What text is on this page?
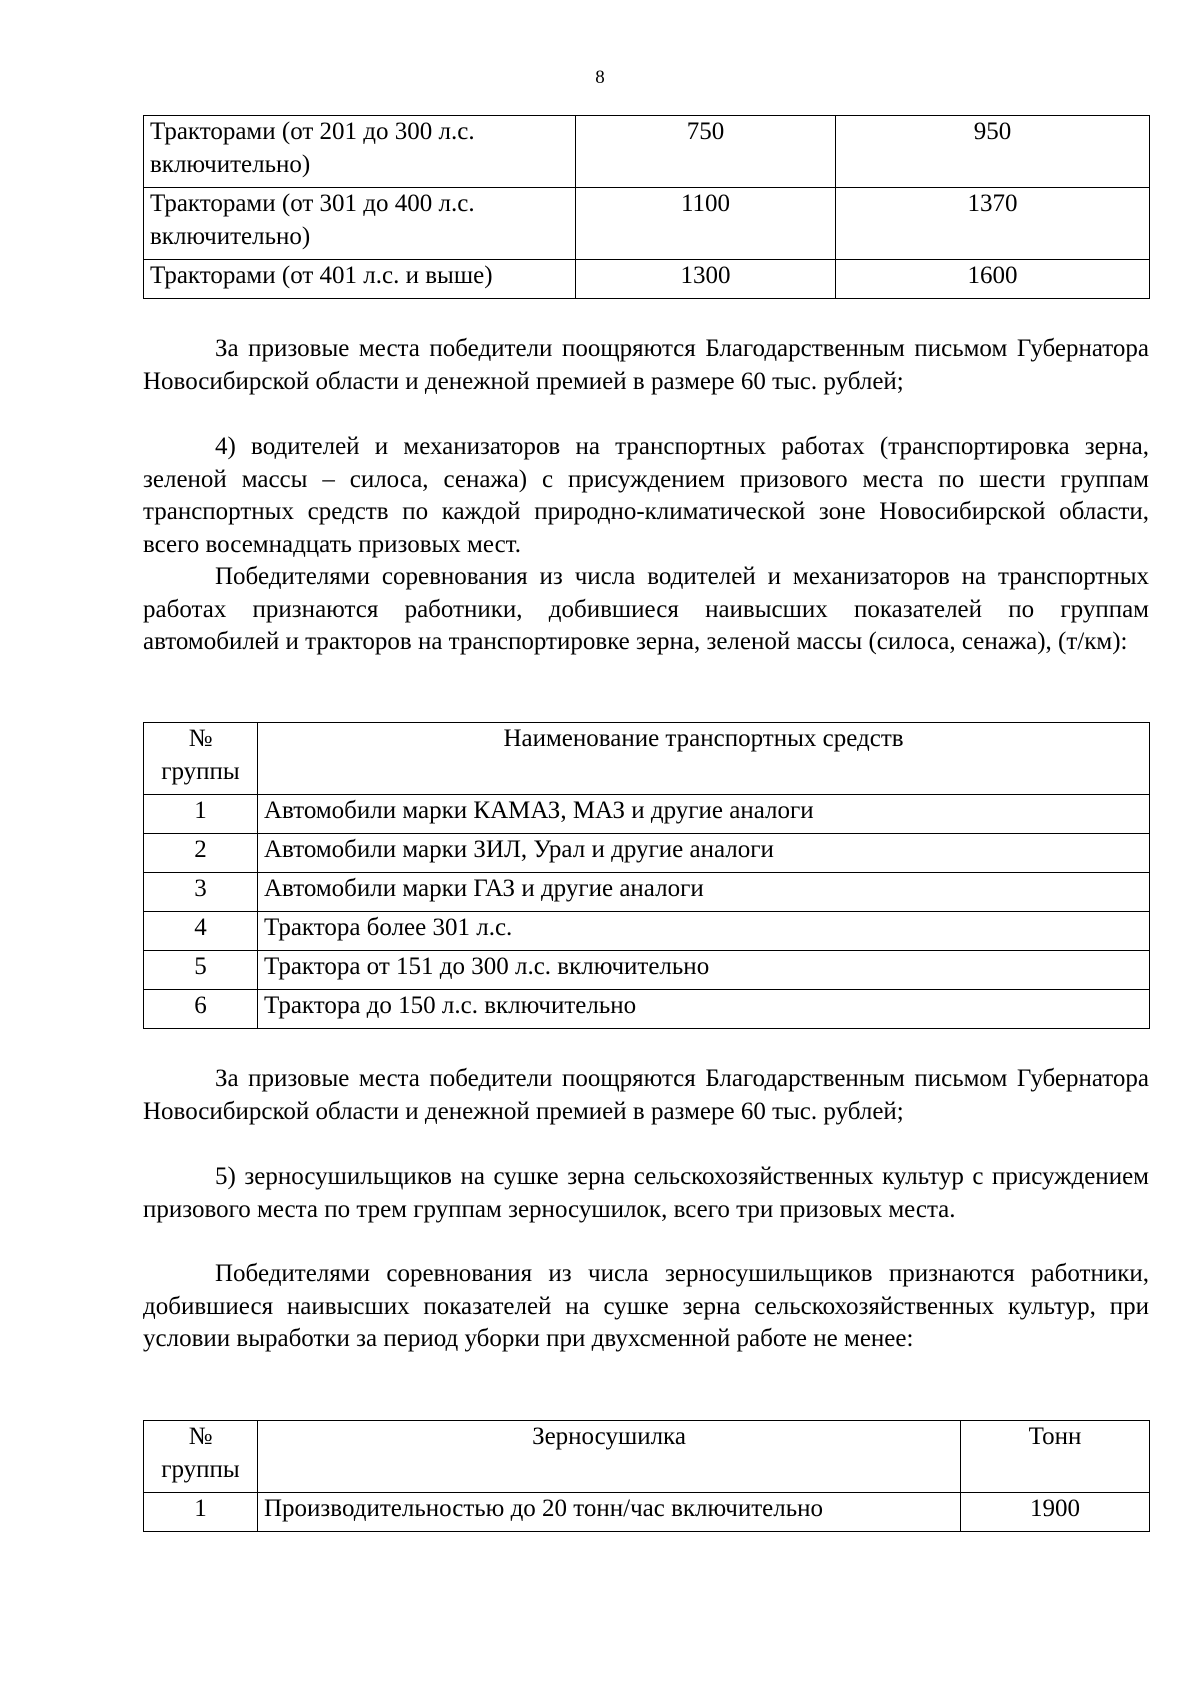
8
Тракторами (от 201 до 300 л.с. включительно)	750	950
Тракторами (от 301 до 400 л.с. включительно)	1100	1370
Тракторами (от 401 л.с. и выше)	1300	1600

За призовые места победители поощряются Благодарственным письмом Губернатора Новосибирской области и денежной премией в размере 60 тыс. рублей;

4) водителей и механизаторов на транспортных работах (транспортировка зерна, зеленой массы – силоса, сенажа) с присуждением призового места по шести группам транспортных средств по каждой природно-климатической зоне Новосибирской области, всего восемнадцать призовых мест.

Победителями соревнования из числа водителей и механизаторов на транспортных работах признаются работники, добившиеся наивысших показателей по группам автомобилей и тракторов на транспортировке зерна, зеленой массы (силоса, сенажа), (т/км):

№ группы	Наименование транспортных средств
1	Автомобили марки КАМАЗ, МАЗ и другие аналоги
2	Автомобили марки ЗИЛ, Урал и другие аналоги
3	Автомобили марки ГАЗ и другие аналоги
4	Трактора более 301 л.с.
5	Трактора от 151 до 300 л.с. включительно
6	Трактора до 150 л.с. включительно

За призовые места победители поощряются Благодарственным письмом Губернатора Новосибирской области и денежной премией в размере 60 тыс. рублей;

5) зерносушильщиков на сушке зерна сельскохозяйственных культур с присуждением призового места по трем группам зерносушилок, всего три призовых места.

Победителями соревнования из числа зерносушильщиков признаются работники, добившиеся наивысших показателей на сушке зерна сельскохозяйственных культур, при условии выработки за период уборки при двухсменной работе не менее:

№ группы	Зерносушилка	Тонн
1	Производительностью до 20 тонн/час включительно	1900
